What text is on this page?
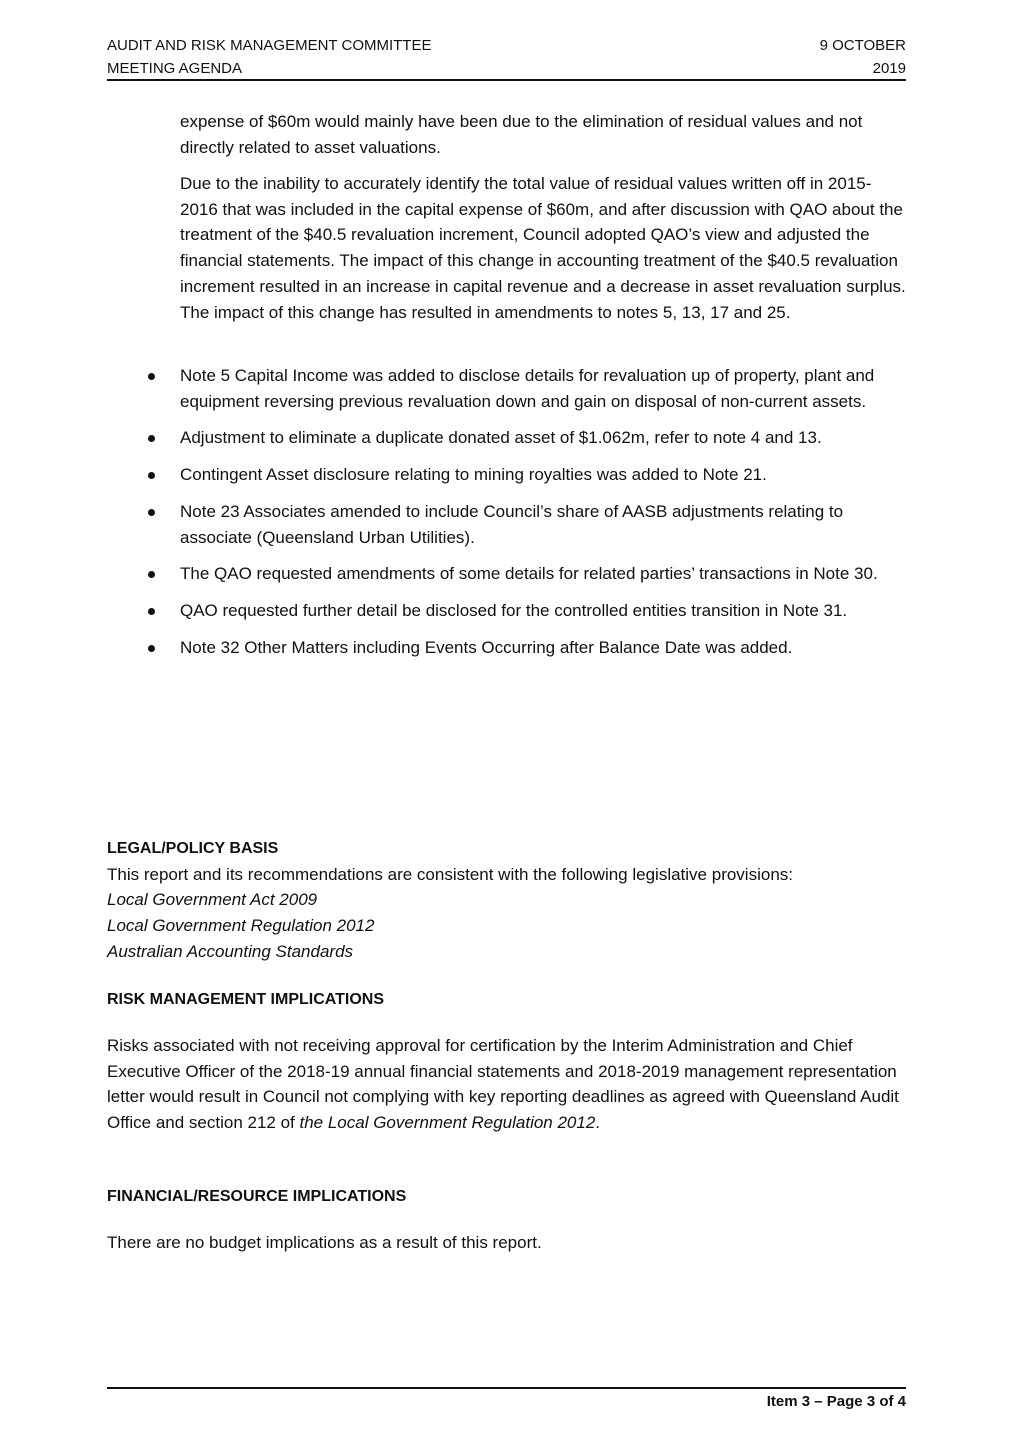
AUDIT AND RISK MANAGEMENT COMMITTEE
MEETING AGENDA
9 OCTOBER
2019
expense of $60m would mainly have been due to the elimination of residual values and not directly related to asset valuations.
Due to the inability to accurately identify the total value of residual values written off in 2015-2016 that was included in the capital expense of $60m, and after discussion with QAO about the treatment of the $40.5 revaluation increment, Council adopted QAO’s view and adjusted the financial statements. The impact of this change in accounting treatment of the $40.5 revaluation increment resulted in an increase in capital revenue and a decrease in asset revaluation surplus. The impact of this change has resulted in amendments to notes 5, 13, 17 and 25.
Note 5 Capital Income was added to disclose details for revaluation up of property, plant and equipment reversing previous revaluation down and gain on disposal of non-current assets.
Adjustment to eliminate a duplicate donated asset of $1.062m, refer to note 4 and 13.
Contingent Asset disclosure relating to mining royalties was added to Note 21.
Note 23 Associates amended to include Council’s share of AASB adjustments relating to associate (Queensland Urban Utilities).
The QAO requested amendments of some details for related parties’ transactions in Note 30.
QAO requested further detail be disclosed for the controlled entities transition in Note 31.
Note 32 Other Matters including Events Occurring after Balance Date was added.
LEGAL/POLICY BASIS
This report and its recommendations are consistent with the following legislative provisions:
Local Government Act 2009
Local Government Regulation 2012
Australian Accounting Standards
RISK MANAGEMENT IMPLICATIONS
Risks associated with not receiving approval for certification by the Interim Administration and Chief Executive Officer of the 2018-19 annual financial statements and 2018-2019 management representation letter would result in Council not complying with key reporting deadlines as agreed with Queensland Audit Office and section 212 of the Local Government Regulation 2012.
FINANCIAL/RESOURCE IMPLICATIONS
There are no budget implications as a result of this report.
Item 3 – Page 3 of 4
